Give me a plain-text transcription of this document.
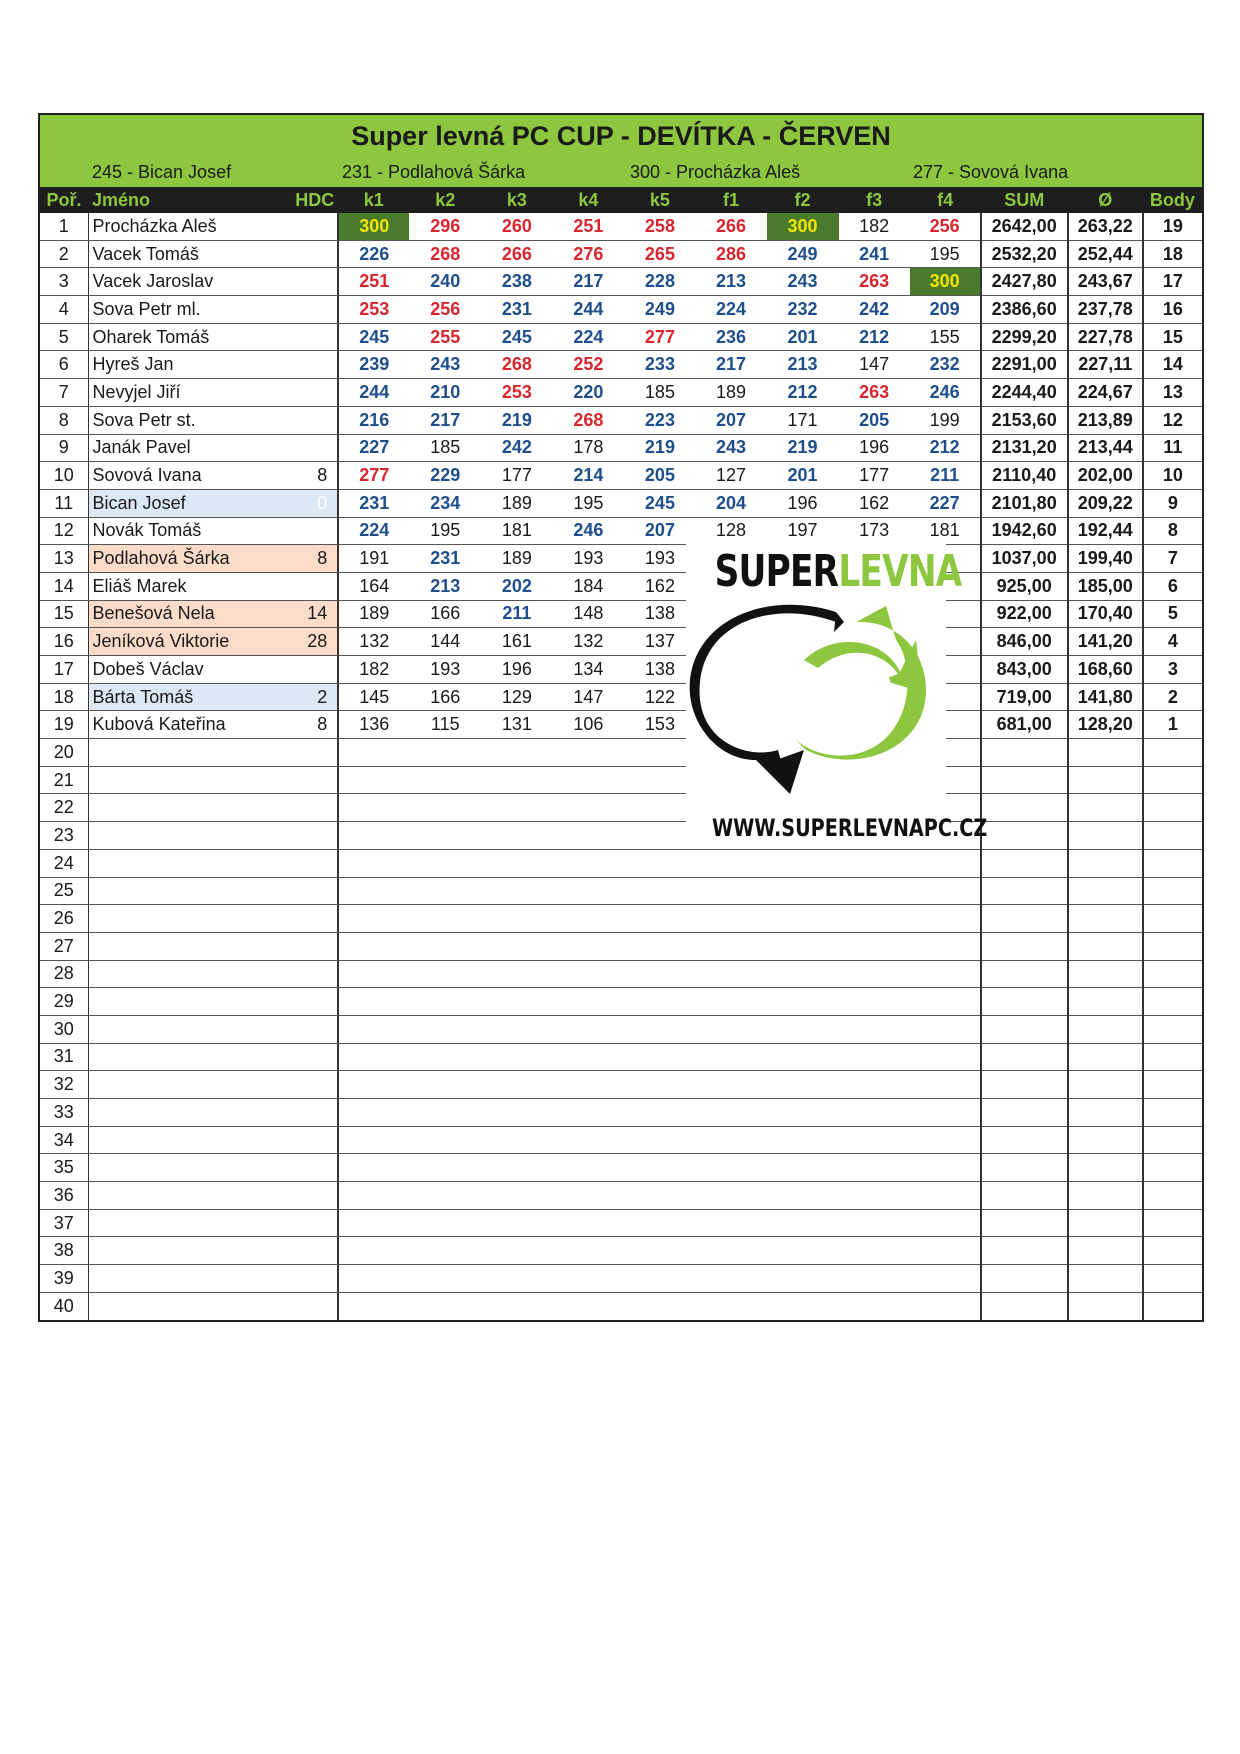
Super levná PC CUP - DEVÍTKA - ČERVEN
245 - Bican Josef	231 - Podlahová Šárka	300 - Procházka Aleš	277 - Sovová Ivana
Poř.	Jméno HDC	k1	k2	k3	k4	k5	f1	f2	f3	f4	SUM	Ø	Body
1	Procházka Aleš	300	296	260	251	258	266	300	182	256	2642,00	263,22	19
2	Vacek Tomáš	226	268	266	276	265	286	249	241	195	2532,20	252,44	18
3	Vacek Jaroslav	251	240	238	217	228	213	243	263	300	2427,80	243,67	17
4	Sova Petr ml.	253	256	231	244	249	224	232	242	209	2386,60	237,78	16
5	Oharek Tomáš	245	255	245	224	277	236	201	212	155	2299,20	227,78	15
6	Hyreš Jan	239	243	268	252	233	217	213	147	232	2291,00	227,11	14
7	Nevyjel Jiří	244	210	253	220	185	189	212	263	246	2244,40	224,67	13
8	Sova Petr st.	216	217	219	268	223	207	171	205	199	2153,60	213,89	12
9	Janák Pavel	227	185	242	178	219	243	219	196	212	2131,20	213,44	11
10	Sovová Ivana 8	277	229	177	214	205	127	201	177	211	2110,40	202,00	10
11	Bican Josef 0	231	234	189	195	245	204	196	162	227	2101,80	209,22	9
12	Novák Tomáš	224	195	181	246	207	128	197	173	181	1942,60	192,44	8
13	Podlahová Šárka 8	191	231	189	193	193					1037,00	199,40	7
14	Eliáš Marek	164	213	202	184	162					925,00	185,00	6
15	Benešová Nela 14	189	166	211	148	138					922,00	170,40	5
16	Jeníková Viktorie 28	132	144	161	132	137					846,00	141,20	4
17	Dobeš Václav	182	193	196	134	138					843,00	168,60	3
18	Bárta Tomáš 2	145	166	129	147	122					719,00	141,80	2
19	Kubová Kateřina 8	136	115	131	106	153					681,00	128,20	1
20													
21													
22													
23													
24													
25													
26													
27													
28													
29													
30													
31													
32													
33													
34													
35													
36													
37													
38													
39													
40													
SUPERLEVNA
WWW.SUPERLEVNAPC.CZ
